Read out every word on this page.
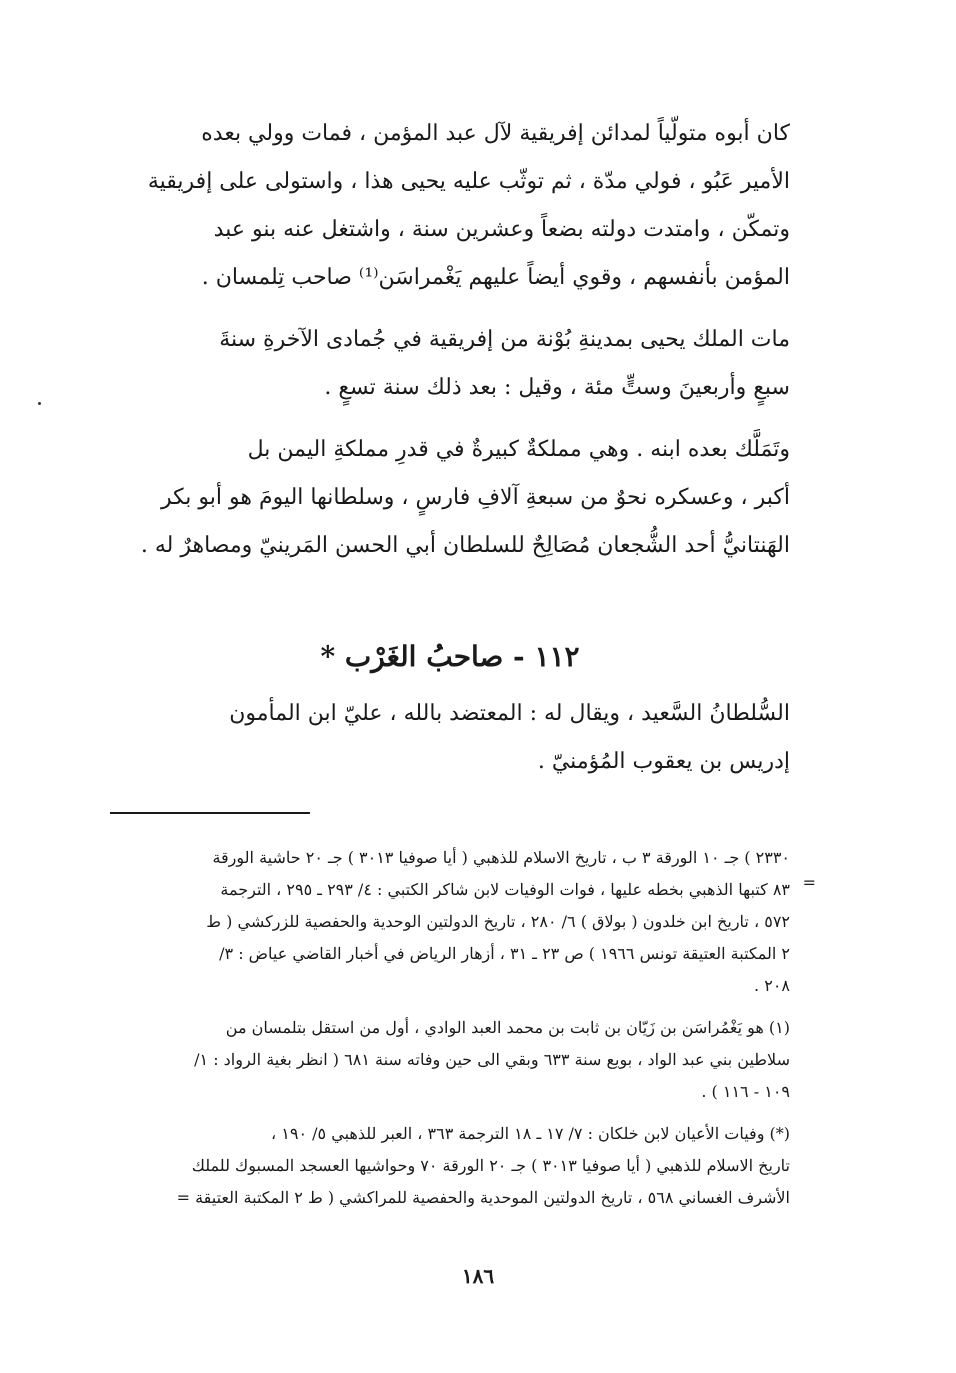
كان أبوه متولّياً لمدائن إفريقية لآل عبد المؤمن ، فمات وولي بعده
الأمير عَبُو ، فولي مدّة ، ثم توثّب عليه يحيى هذا ، واستولى على إفريقية
وتمكّن ، وامتدت دولته بضعاً وعشرين سنة ، واشتغل عنه بنو عبد
المؤمن بأنفسهم ، وقوي أيضاً عليهم يَغْمراسَن⁽¹⁾ صاحب تِلمسان .
مات الملك يحيى بمدينةِ بُوْنة من إفريقية في جُمادى الآخرةِ سنةَ
سبعٍ وأربعينَ وستٍّ مئة ، وقيل : بعد ذلك سنة تسعٍ .
وتَمَلَّك بعده ابنه . وهي مملكةٌ كبيرةٌ في قدرِ مملكةِ اليمن بل
أكبر ، وعسكره نحوٌ من سبعةِ آلافِ فارسٍ ، وسلطانها اليومَ هو أبو بكر
الهَنتانيُّ أحد الشُّجعان مُصَالِحٌ للسلطان أبي الحسن المَرينيّ ومصاهرٌ له .
١١٢ - صاحبُ الغَرْب *
السُّلطانُ السَّعيد ، ويقال له : المعتضد بالله ، عليّ ابن المأمون
إدريس بن يعقوب المُؤمنيّ .
٢٣٣٠ ) جـ ١٠ الورقة ٣ ب ، تاريخ الاسلام للذهبي ( أيا صوفيا ٣٠١٣ ) جـ ٢٠ حاشية الورقة
٨٣ كتبها الذهبي بخطه عليها ، فوات الوفيات لابن شاكر الكتبي : ٤/ ٢٩٣ ـ ٢٩٥ ، الترجمة
٥٧٢ ، تاريخ ابن خلدون ( بولاق ) ٦/ ٢٨٠ ، تاريخ الدولتين الوحدية والحفصية للزركشي ( ط
٢ المكتبة العتيقة تونس ١٩٦٦ ) ص ٢٣ ـ ٣١ ، أزهار الرياض في أخبار القاضي عياض : ٣/
٢٠٨ .
(١) هو يَغْمُراسَن بن زَيّان بن ثابت بن محمد العبد الوادي ، أول من استقل بتلمسان من
سلاطين بني عبد الواد ، بويع سنة ٦٣٣ وبقي الى حين وفاته سنة ٦٨١ ( انظر بغية الرواد : ١/
١٠٩ - ١١٦ ) .
(*) وفيات الأعيان لابن خلكان : ٧/ ١٧ ـ ١٨ الترجمة ٣٦٣ ، العبر للذهبي ٥/ ١٩٠ ،
تاريخ الاسلام للذهبي ( أيا صوفيا ٣٠١٣ ) جـ ٢٠ الورقة ٧٠ وحواشيها العسجد المسبوك للملك
الأشرف الغساني ٥٦٨ ، تاريخ الدولتين الموحدية والحفصية للمراكشي ( ط ٢ المكتبة العتيقة =
=
١٨٦
